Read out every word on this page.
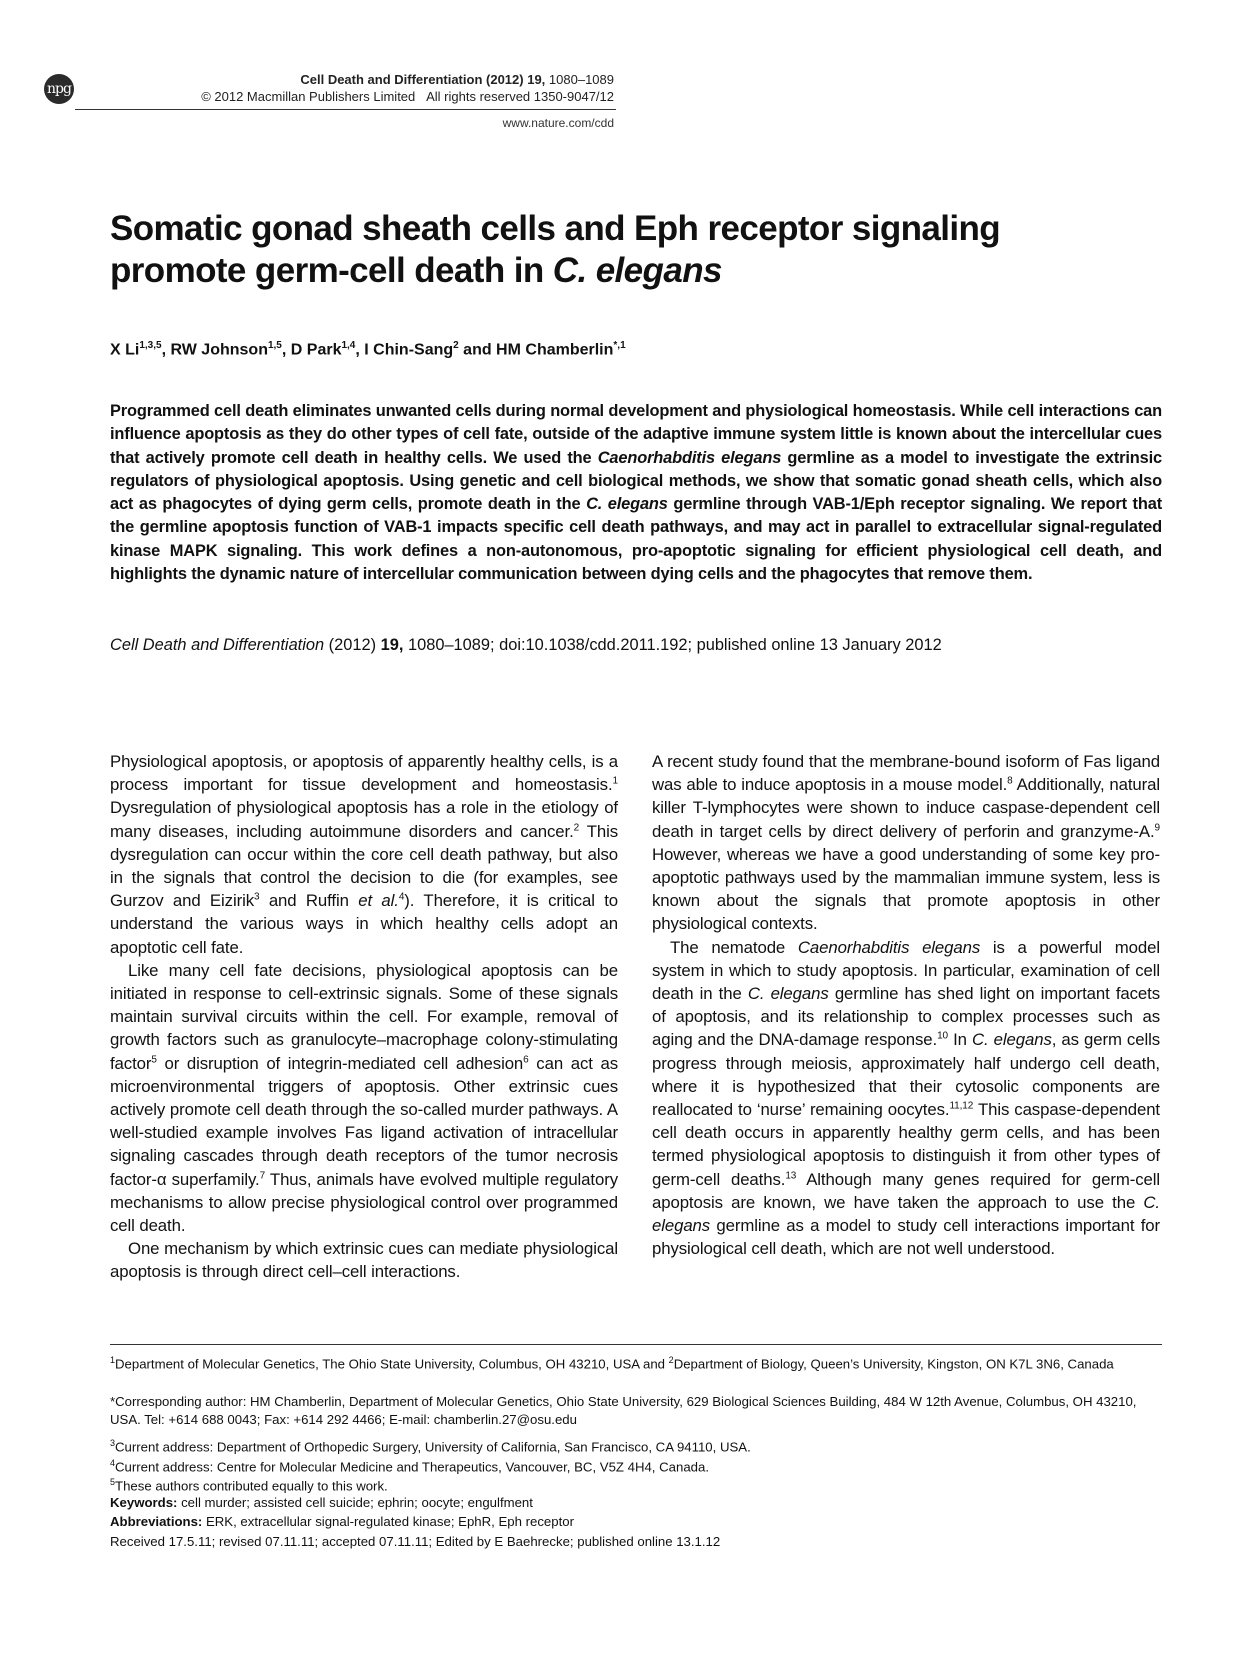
npg
Cell Death and Differentiation (2012) 19, 1080–1089
© 2012 Macmillan Publishers Limited All rights reserved 1350-9047/12
www.nature.com/cdd
Somatic gonad sheath cells and Eph receptor signaling
promote germ-cell death in C. elegans
X Li$^{1,3,5}$, RW Johnson$^{1,5}$, D Park$^{1,4}$, I Chin-Sang$^2$ and HM Chamberlin$^{*,1}$
Programmed cell death eliminates unwanted cells during normal development and physiological homeostasis. While cell interactions can influence apoptosis as they do other types of cell fate, outside of the adaptive immune system little is known about the intercellular cues that actively promote cell death in healthy cells. We used the Caenorhabditis elegans germline as a model to investigate the extrinsic regulators of physiological apoptosis. Using genetic and cell biological methods, we show that somatic gonad sheath cells, which also act as phagocytes of dying germ cells, promote death in the C. elegans germline through VAB-1/Eph receptor signaling. We report that the germline apoptosis function of VAB-1 impacts specific cell death pathways, and may act in parallel to extracellular signal-regulated kinase MAPK signaling. This work defines a non-autonomous, pro-apoptotic signaling for efficient physiological cell death, and highlights the dynamic nature of intercellular communication between dying cells and the phagocytes that remove them.
Cell Death and Differentiation (2012) 19, 1080–1089; doi:10.1038/cdd.2011.192; published online 13 January 2012

Physiological apoptosis, or apoptosis of apparently healthy cells, is a process important for tissue development and homeostasis.$^1$ Dysregulation of physiological apoptosis has a role in the etiology of many diseases, including autoimmune disorders and cancer.$^2$ This dysregulation can occur within the core cell death pathway, but also in the signals that control the decision to die (for examples, see Gurzov and Eizirik$^3$ and Ruffin et al.$^4$). Therefore, it is critical to understand the various ways in which healthy cells adopt an apoptotic cell fate.

Like many cell fate decisions, physiological apoptosis can be initiated in response to cell-extrinsic signals. Some of these signals maintain survival circuits within the cell. For example, removal of growth factors such as granulocyte–macrophage colony-stimulating factor$^5$ or disruption of integrin-mediated cell adhesion$^6$ can act as microenvironmental triggers of apoptosis. Other extrinsic cues actively promote cell death through the so-called murder pathways. A well-studied example involves Fas ligand activation of intracellular signaling cascades through death receptors of the tumor necrosis factor-α superfamily.$^7$ Thus, animals have evolved multiple regulatory mechanisms to allow precise physiological control over programmed cell death.

One mechanism by which extrinsic cues can mediate physiological apoptosis is through direct cell–cell interactions.

A recent study found that the membrane-bound isoform of Fas ligand was able to induce apoptosis in a mouse model.$^8$ Additionally, natural killer T-lymphocytes were shown to induce caspase-dependent cell death in target cells by direct delivery of perforin and granzyme-A.$^9$ However, whereas we have a good understanding of some key pro-apoptotic pathways used by the mammalian immune system, less is known about the signals that promote apoptosis in other physiological contexts.

The nematode Caenorhabditis elegans is a powerful model system in which to study apoptosis. In particular, examination of cell death in the C. elegans germline has shed light on important facets of apoptosis, and its relationship to complex processes such as aging and the DNA-damage response.$^{10}$ In C. elegans, as germ cells progress through meiosis, approximately half undergo cell death, where it is hypothesized that their cytosolic components are reallocated to ‘nurse’ remaining oocytes.$^{11,12}$ This caspase-dependent cell death occurs in apparently healthy germ cells, and has been termed physiological apoptosis to distinguish it from other types of germ-cell deaths.$^{13}$ Although many genes required for germ-cell apoptosis are known, we have taken the approach to use the C. elegans germline as a model to study cell interactions important for physiological cell death, which are not well understood.

$^1$Department of Molecular Genetics, The Ohio State University, Columbus, OH 43210, USA and $^2$Department of Biology, Queen’s University, Kingston, ON K7L 3N6, Canada
*Corresponding author: HM Chamberlin, Department of Molecular Genetics, Ohio State University, 629 Biological Sciences Building, 484 W 12th Avenue, Columbus, OH 43210, USA. Tel: +614 688 0043; Fax: +614 292 4466; E-mail: chamberlin.27@osu.edu
$^3$Current address: Department of Orthopedic Surgery, University of California, San Francisco, CA 94110, USA.
$^4$Current address: Centre for Molecular Medicine and Therapeutics, Vancouver, BC, V5Z 4H4, Canada.
$^5$These authors contributed equally to this work.
Keywords: cell murder; assisted cell suicide; ephrin; oocyte; engulfment
Abbreviations: ERK, extracellular signal-regulated kinase; EphR, Eph receptor
Received 17.5.11; revised 07.11.11; accepted 07.11.11; Edited by E Baehrecke; published online 13.1.12
